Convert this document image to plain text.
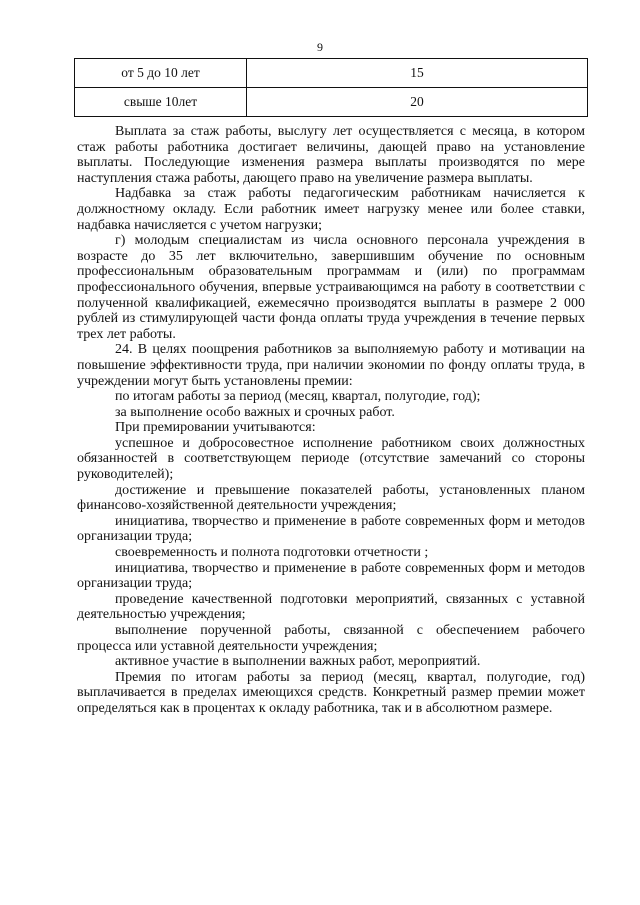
9
от 5 до 10 лет	15
свыше 10лет	20

Выплата за стаж работы, выслугу лет осуществляется с месяца, в котором стаж работы работника достигает величины, дающей право на установление выплаты. Последующие изменения размера выплаты производятся по мере наступления стажа работы, дающего право на увеличение размера выплаты.

Надбавка за стаж работы педагогическим работникам начисляется к должностному окладу. Если работник имеет нагрузку менее или более ставки, надбавка начисляется с учетом нагрузки;

г) молодым специалистам из числа основного персонала учреждения в возрасте до 35 лет включительно, завершившим обучение по основным профессиональным образовательным программам и (или) по программам профессионального обучения, впервые устраивающимся на работу в соответствии с полученной квалификацией, ежемесячно производятся выплаты в размере 2 000 рублей из стимулирующей части фонда оплаты труда учреждения в течение первых трех лет работы.

24. В целях поощрения работников за выполняемую работу и мотивации на повышение эффективности труда, при наличии экономии по фонду оплаты труда, в учреждении могут быть установлены премии:

по итогам работы за период (месяц, квартал, полугодие, год);

за выполнение особо важных и срочных работ.

При премировании учитываются:

успешное и добросовестное исполнение работником своих должностных обязанностей в соответствующем периоде (отсутствие замечаний со стороны руководителей);

достижение и превышение показателей работы, установленных планом финансово-хозяйственной деятельности учреждения;

инициатива, творчество и применение в работе современных форм и методов организации труда;

своевременность и полнота подготовки отчетности ;

инициатива, творчество и применение в работе современных форм и методов организации труда;

проведение качественной подготовки мероприятий, связанных с уставной деятельностью учреждения;

выполнение порученной работы, связанной с обеспечением рабочего процесса или уставной деятельности учреждения;

активное участие в выполнении важных работ, мероприятий.

Премия по итогам работы за период (месяц, квартал, полугодие, год) выплачивается в пределах имеющихся средств. Конкретный размер премии может определяться как в процентах к окладу работника, так и в абсолютном размере.
